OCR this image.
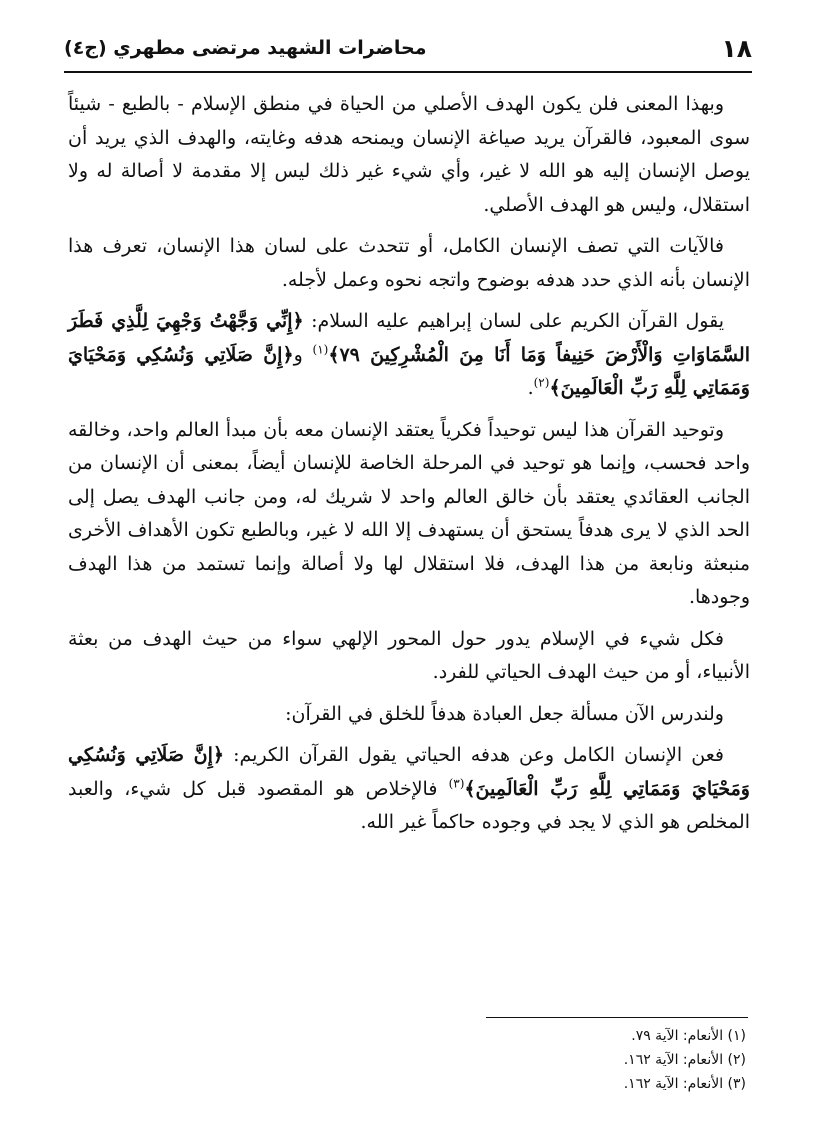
١٨
محاضرات الشهيد مرتضى مطهري (ج٤)

وبهذا المعنى فلن يكون الهدف الأصلي من الحياة في منطق الإسلام - بالطبع - شيئاً سوى المعبود، فالقرآن يريد صياغة الإنسان ويمنحه هدفه وغايته، والهدف الذي يريد أن يوصل الإنسان إليه هو الله لا غير، وأي شيء غير ذلك ليس إلا مقدمة لا أصالة له ولا استقلال، وليس هو الهدف الأصلي.

فالآيات التي تصف الإنسان الكامل، أو تتحدث على لسان هذا الإنسان، تعرف هذا الإنسان بأنه الذي حدد هدفه بوضوح واتجه نحوه وعمل لأجله.

يقول القرآن الكريم على لسان إبراهيم عليه السلام: ﴿إِنِّي وَجَّهْتُ وَجْهِيَ لِلَّذِي فَطَرَ السَّمَاوَاتِ وَالْأَرْضَ حَنِيفاً وَمَا أَنَا مِنَ الْمُشْرِكِينَ ٧٩﴾$^{(١)}$ و﴿إِنَّ صَلَاتِي وَنُسُكِي وَمَحْيَايَ وَمَمَاتِي لِلَّهِ رَبِّ الْعَالَمِينَ﴾$^{(٢)}$.

وتوحيد القرآن هذا ليس توحيداً فكرياً يعتقد الإنسان معه بأن مبدأ العالم واحد، وخالقه واحد فحسب، وإنما هو توحيد في المرحلة الخاصة للإنسان أيضاً، بمعنى أن الإنسان من الجانب العقائدي يعتقد بأن خالق العالم واحد لا شريك له، ومن جانب الهدف يصل إلى الحد الذي لا يرى هدفاً يستحق أن يستهدف إلا الله لا غير، وبالطبع تكون الأهداف الأخرى منبعثة ونابعة من هذا الهدف، فلا استقلال لها ولا أصالة وإنما تستمد من هذا الهدف وجودها.

فكل شيء في الإسلام يدور حول المحور الإلهي سواء من حيث الهدف من بعثة الأنبياء، أو من حيث الهدف الحياتي للفرد.

ولندرس الآن مسألة جعل العبادة هدفاً للخلق في القرآن:

فعن الإنسان الكامل وعن هدفه الحياتي يقول القرآن الكريم: ﴿إِنَّ صَلَاتِي وَنُسُكِي وَمَحْيَايَ وَمَمَاتِي لِلَّهِ رَبِّ الْعَالَمِينَ﴾$^{(٣)}$ فالإخلاص هو المقصود قبل كل شيء، والعبد المخلص هو الذي لا يجد في وجوده حاكماً غير الله.

(١) الأنعام: الآية ٧٩.

(٢) الأنعام: الآية ١٦٢.

(٣) الأنعام: الآية ١٦٢.
